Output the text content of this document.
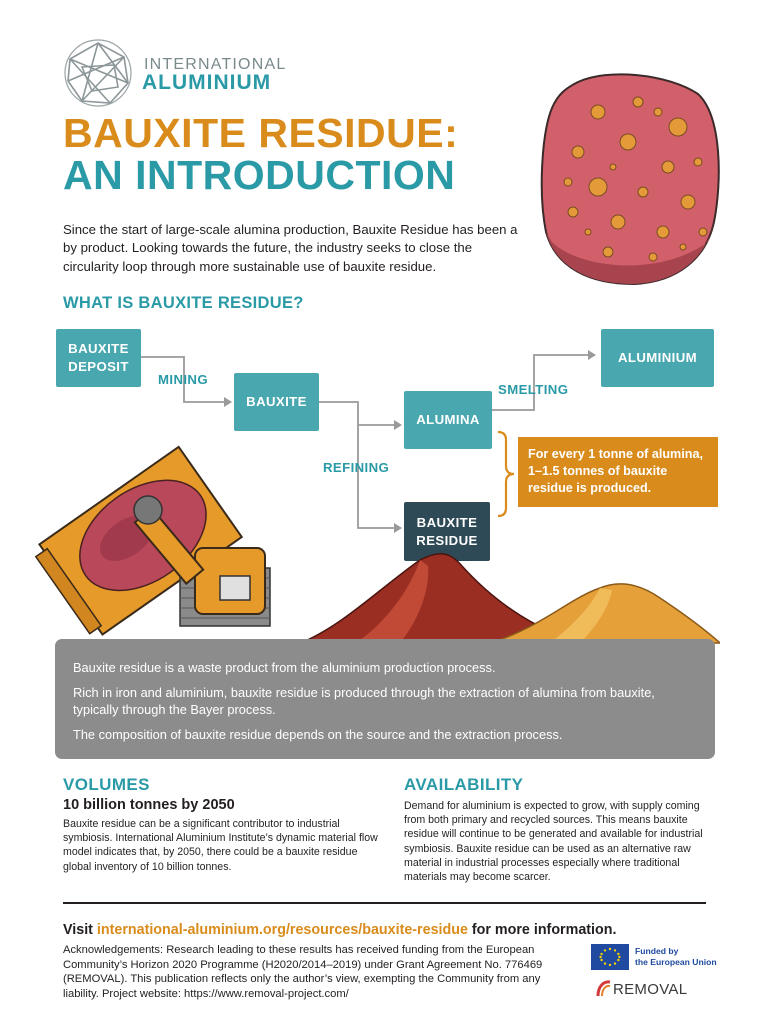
INTERNATIONAL
ALUMINIUM
BAUXITE RESIDUE:
AN INTRODUCTION
Since the start of large-scale alumina production, Bauxite Residue has been a by product. Looking towards the future, the industry seeks to close the circularity loop through more sustainable use of bauxite residue.
WHAT IS BAUXITE RESIDUE?
BAUXITE DEPOSIT
MINING
BAUXITE
REFINING
ALUMINA
SMELTING
ALUMINIUM
BAUXITE RESIDUE
For every 1 tonne of alumina, 1–1.5 tonnes of bauxite residue is produced.

Bauxite residue is a waste product from the aluminium production process.

Rich in iron and aluminium, bauxite residue is produced through the extraction of alumina from bauxite, typically through the Bayer process.

The composition of bauxite residue depends on the source and the extraction process.

VOLUMES
10 billion tonnes by 2050
Bauxite residue can be a significant contributor to industrial symbiosis. International Aluminium Institute’s dynamic material flow model indicates that, by 2050, there could be a bauxite residue global inventory of 10 billion tonnes.
AVAILABILITY
Demand for aluminium is expected to grow, with supply coming from both primary and recycled sources. This means bauxite residue will continue to be generated and available for industrial symbiosis. Bauxite residue can be used as an alternative raw material in industrial processes especially where traditional materials may become scarcer.
Visit international-aluminium.org/resources/bauxite-residue for more information.
Acknowledgements: Research leading to these results has received funding from the European Community’s Horizon 2020 Programme (H2020/2014–2019) under Grant Agreement No. 776469 (REMOVAL). This publication reflects only the author’s view, exempting the Community from any liability. Project website: https://www.removal-project.com/
Funded by
the European Union
REMOVAL
